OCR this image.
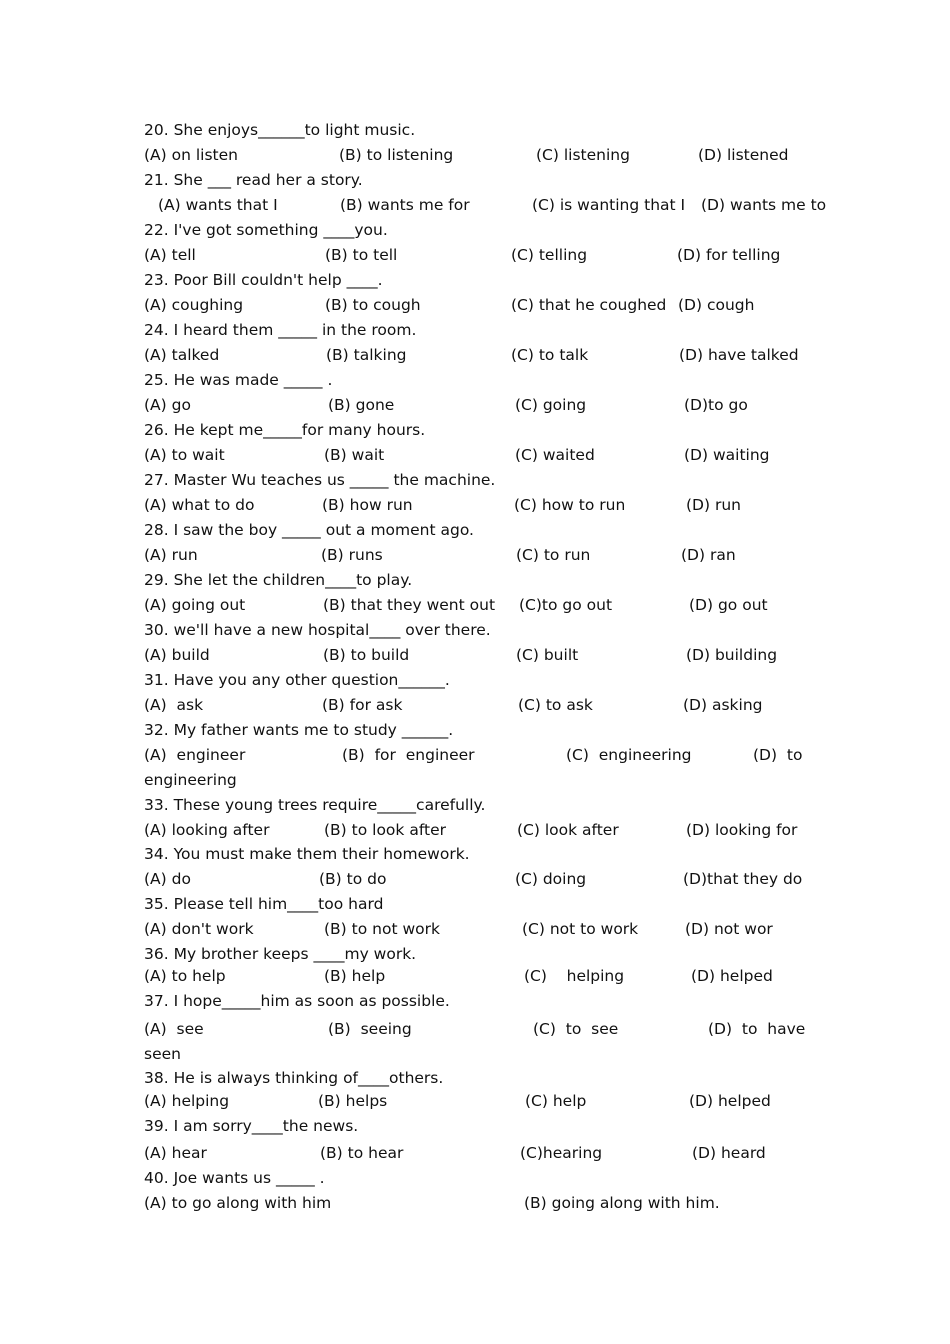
20. She enjoys______to light music.
(A) on listen	(B) to listening	(C) listening	(D) listened
21. She ___ read her a story.
(A) wants that I	(B) wants me for	(C) is wanting that I (D) wants me to
22. I've got something ____you.
(A) tell	(B) to tell	(C) telling	(D) for telling
23. Poor Bill couldn't help ____.
(A) coughing	(B) to cough	(C) that he coughed (D) cough
24. I heard them _____ in the room.
(A) talked	(B) talking	(C) to talk	(D) have talked
25. He was made _____ .
(A) go	(B) gone	(C) going	(D)to go
26. He kept me_____for many hours.
(A) to wait	(B) wait	(C) waited	(D) waiting
27. Master Wu teaches us _____ the machine.
(A) what to do	(B) how run	(C) how to run	(D) run
28. I saw the boy _____ out a moment ago.
(A) run	(B) runs	(C) to run	(D) ran
29. She let the children____to play.
(A) going out	(B) that they went out (C)to go out	(D) go out
30. we'll have a new hospital____ over there.
(A) build	(B) to build	(C) built	(D) building
31. Have you any other question______.
(A)  ask	(B) for ask	(C) to ask	(D) asking
32. My father wants me to study ______.
(A)  engineer	(B)  for  engineer	(C)  engineering	(D)  to
engineering
33. These young trees require_____carefully.
(A) looking after	(B) to look after	(C) look after	(D) looking for
34. You must make them their homework.
(A) do	(B) to do	(C) doing	(D)that they do
35. Please tell him____too hard
(A) don't work	(B) to not work	(C) not to work	(D) not wor
36. My brother keeps ____my work.
(A) to help	(B) help	(C)    helping	(D) helped
37. I hope_____him as soon as possible.
(A)  see	(B)  seeing	(C)  to  see	(D)  to  have
seen
38. He is always thinking of____others.
(A) helping	(B) helps	(C) help	(D) helped
39. I am sorry____the news.
(A) hear	(B) to hear	(C)hearing	(D) heard
40. Joe wants us _____ .
(A) to go along with him	(B) going along with him.
